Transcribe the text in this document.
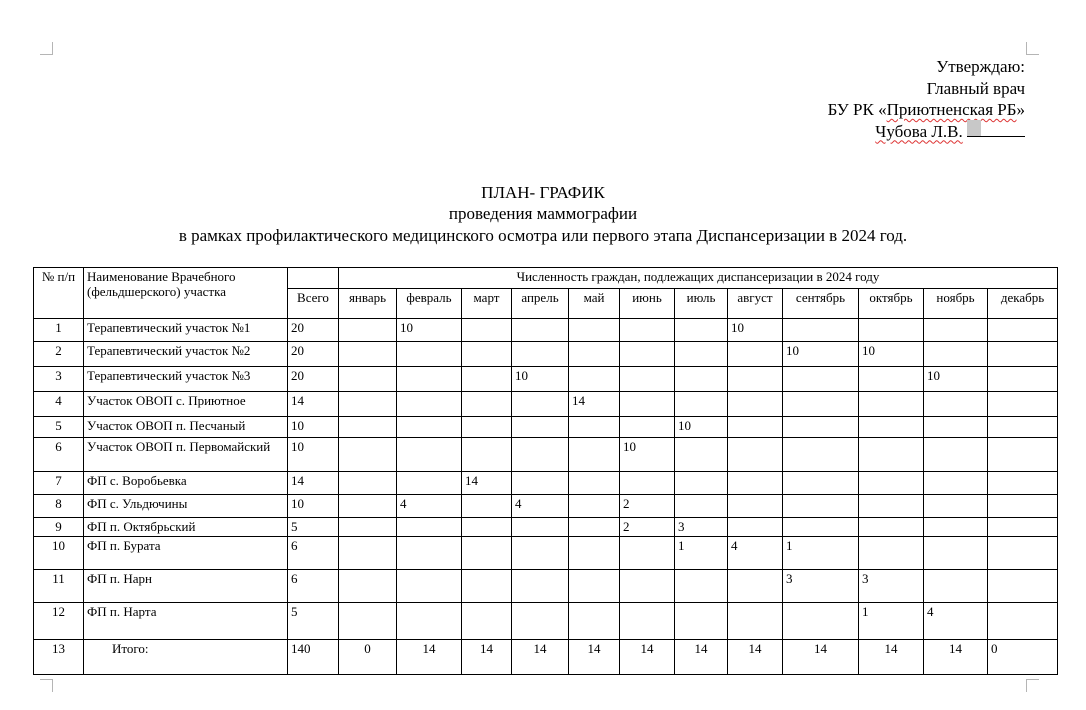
Утверждаю:
Главный врач
БУ РК «Приютненская РБ»
Чубова Л.В.
ПЛАН- ГРАФИК
проведения маммографии
в рамках профилактического медицинского осмотра или первого этапа Диспансеризации в 2024 год.
№ п/п	Наименование Врачебного (фельдшерского) участка		Численность граждан, подлежащих диспансеризации в 2024 году											
		Всего	январь	февраль	март	апрель	май	июнь	июль	август	сентябрь	октябрь	ноябрь	декабрь
1	Терапевтический участок №1	20		10						10				
2	Терапевтический участок №2	20									10	10		
3	Терапевтический участок №3	20				10							10	
4	Участок ОВОП с. Приютное	14					14							
5	Участок ОВОП п. Песчаный	10							10					
6	Участок ОВОП п. Первомайский	10						10						
7	ФП с. Воробьевка	14			14									
8	ФП с. Ульдючины	10		4		4		2						
9	ФП п. Октябрьский	5						2	3					
10	ФП п. Бурата	6							1	4	1			
11	ФП п. Нарн	6									3	3		
12	ФП п. Нарта	5										1	4	
13	Итого:	140	0	14	14	14	14	14	14	14	14	14	14	0
